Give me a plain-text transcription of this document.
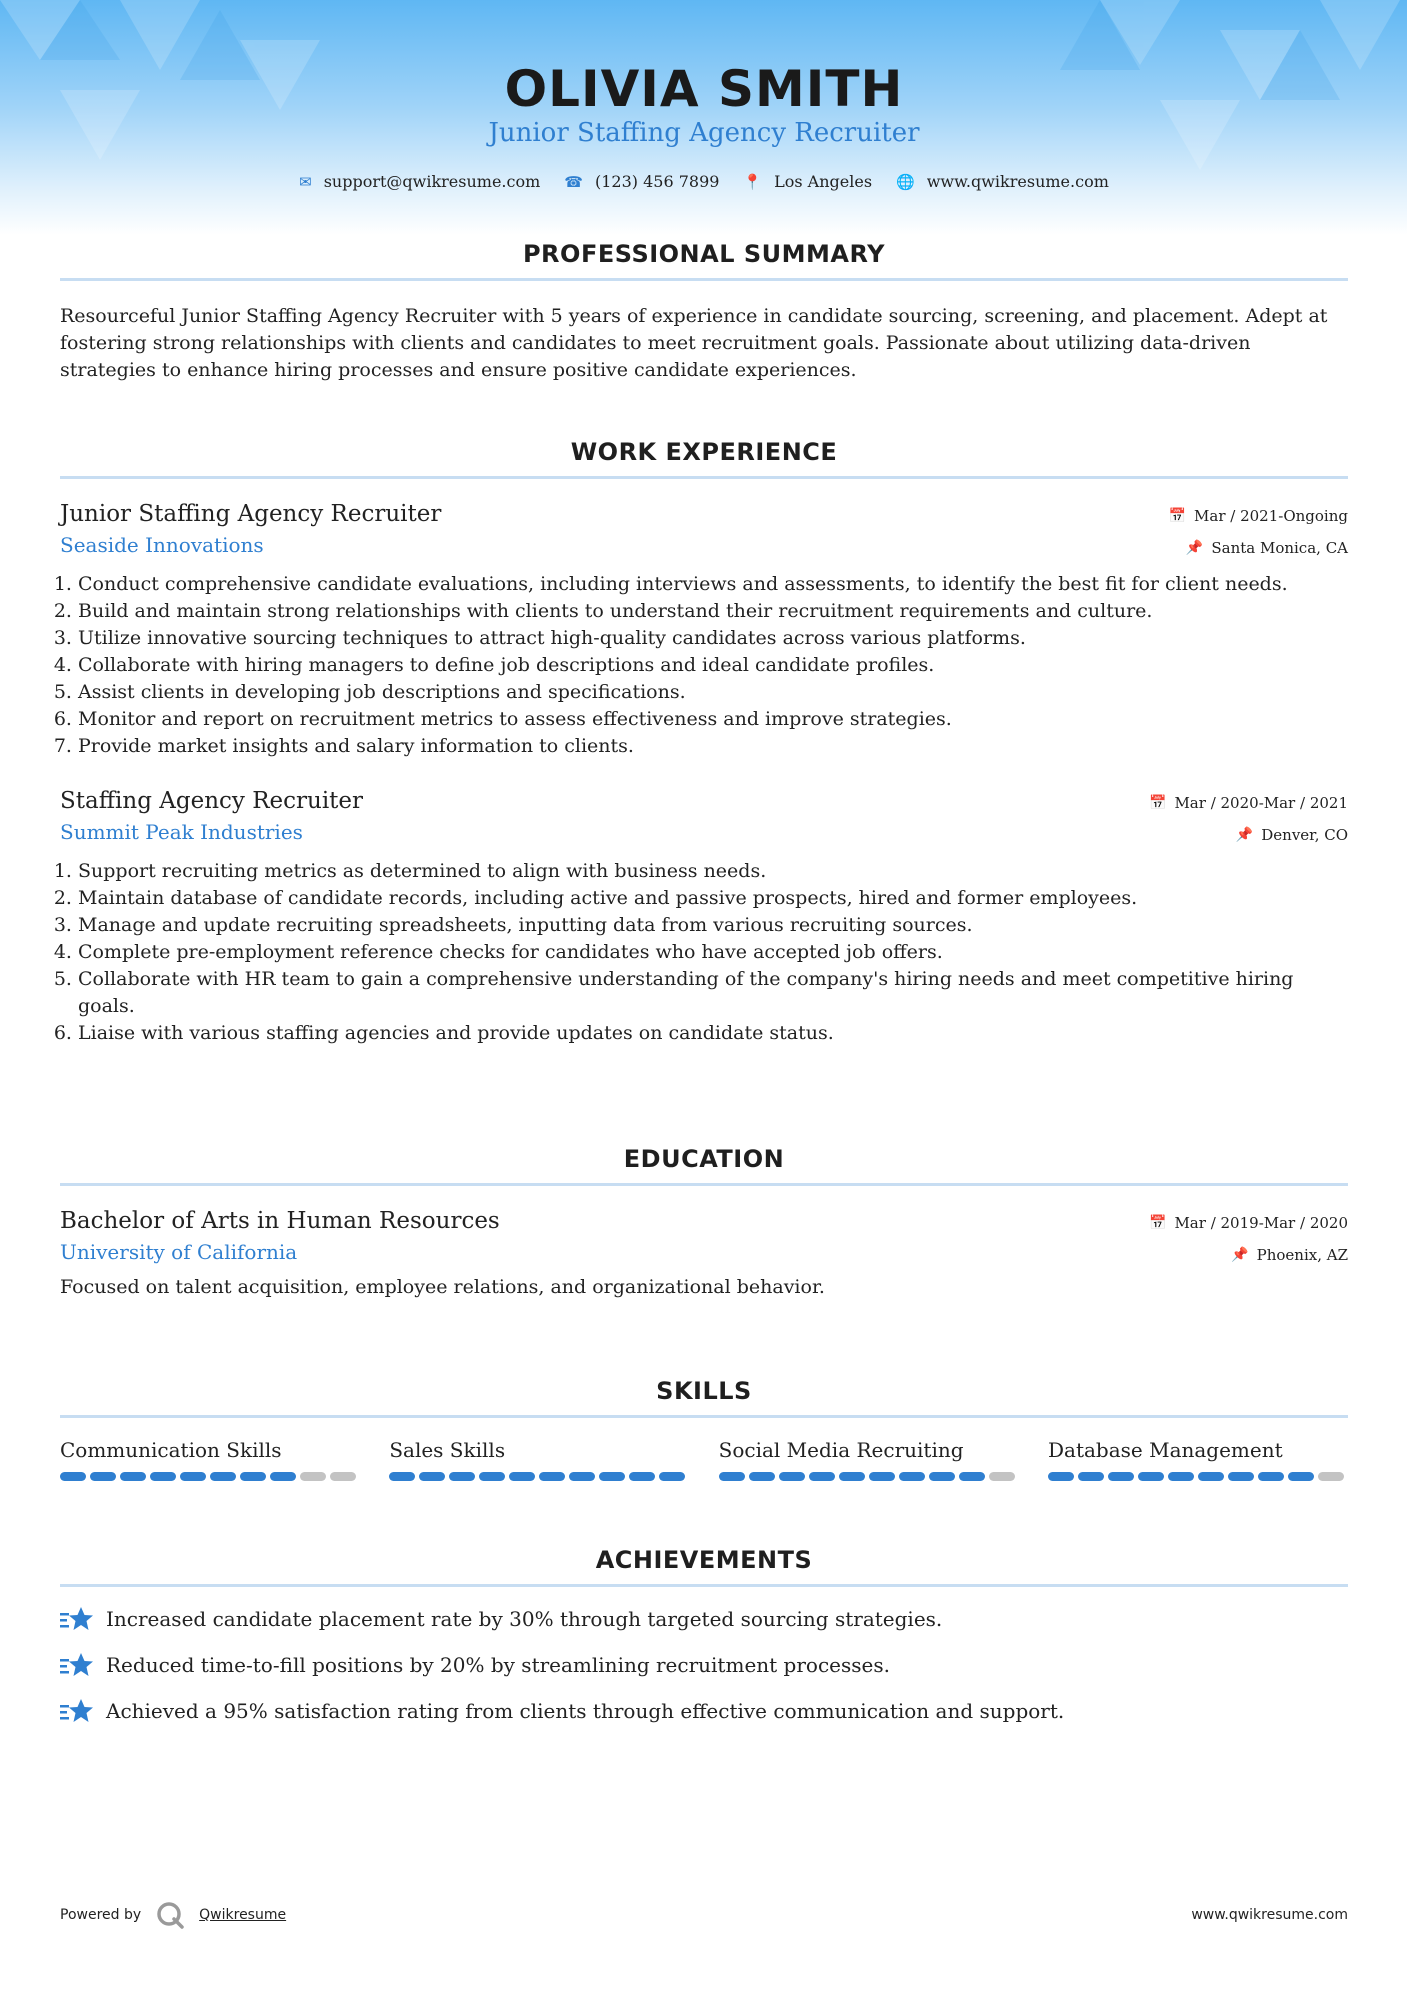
OLIVIA SMITH
Junior Staffing Agency Recruiter
✉ support@qwikresume.com ☎ (123) 456 7899 📍 Los Angeles 🌐 www.qwikresume.com
PROFESSIONAL SUMMARY
Resourceful Junior Staffing Agency Recruiter with 5 years of experience in candidate sourcing, screening, and placement. Adept at fostering strong relationships with clients and candidates to meet recruitment goals. Passionate about utilizing data-driven strategies to enhance hiring processes and ensure positive candidate experiences.
WORK EXPERIENCE
Junior Staffing Agency Recruiter
Seaside Innovations
📅 Mar / 2021-Ongoing
📌 Santa Monica, CA
1. Conduct comprehensive candidate evaluations, including interviews and assessments, to identify the best fit for client needs.
2. Build and maintain strong relationships with clients to understand their recruitment requirements and culture.
3. Utilize innovative sourcing techniques to attract high-quality candidates across various platforms.
4. Collaborate with hiring managers to define job descriptions and ideal candidate profiles.
5. Assist clients in developing job descriptions and specifications.
6. Monitor and report on recruitment metrics to assess effectiveness and improve strategies.
7. Provide market insights and salary information to clients.
Staffing Agency Recruiter
Summit Peak Industries
📅 Mar / 2020-Mar / 2021
📌 Denver, CO
1. Support recruiting metrics as determined to align with business needs.
2. Maintain database of candidate records, including active and passive prospects, hired and former employees.
3. Manage and update recruiting spreadsheets, inputting data from various recruiting sources.
4. Complete pre-employment reference checks for candidates who have accepted job offers.
5. Collaborate with HR team to gain a comprehensive understanding of the company's hiring needs and meet competitive hiring goals.
6. Liaise with various staffing agencies and provide updates on candidate status.
EDUCATION
Bachelor of Arts in Human Resources
University of California
📅 Mar / 2019-Mar / 2020
📌 Phoenix, AZ
Focused on talent acquisition, employee relations, and organizational behavior.
SKILLS
Communication Skills	Sales Skills	Social Media Recruiting	Database Management
ACHIEVEMENTS
Increased candidate placement rate by 30% through targeted sourcing strategies.
Reduced time-to-fill positions by 20% by streamlining recruitment processes.
Achieved a 95% satisfaction rating from clients through effective communication and support.
Powered by	Qwikresume	www.qwikresume.com
